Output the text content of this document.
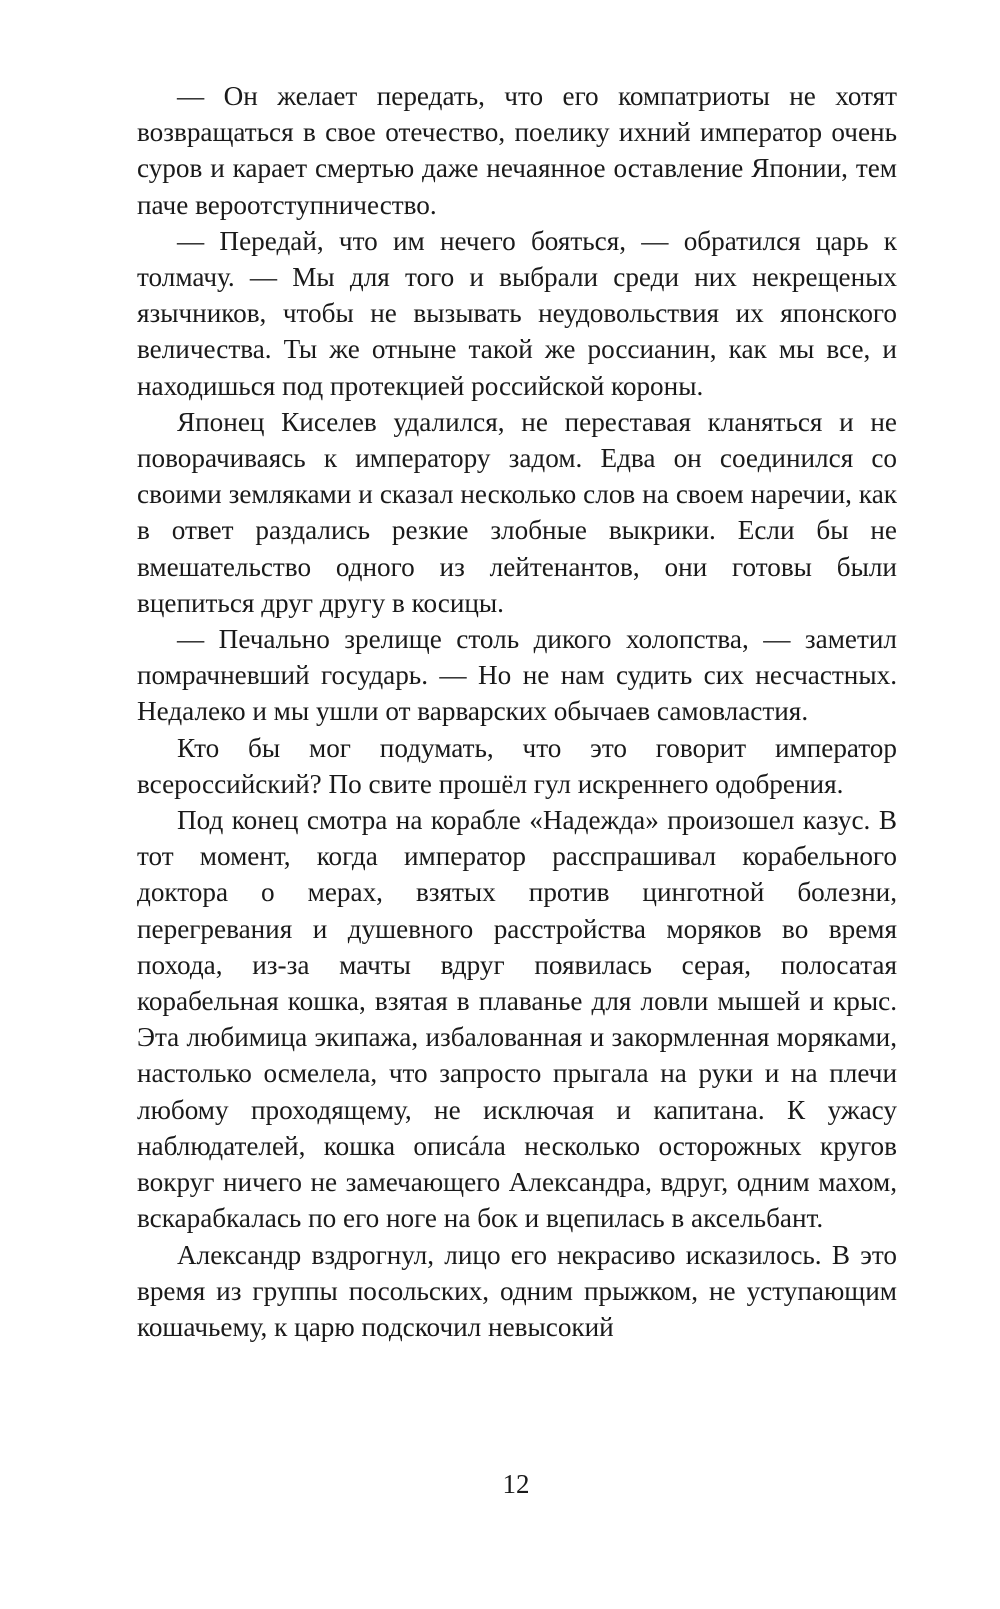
— Он желает передать, что его компатриоты не хотят возвращаться в свое отечество, поелику ихний император очень суров и карает смертью даже нечаянное оставление Японии, тем паче вероотступничество.

— Передай, что им нечего бояться, — обратился царь к толмачу. — Мы для того и выбрали среди них некрещеных язычников, чтобы не вызывать неудовольствия их японского величества. Ты же отныне такой же россианин, как мы все, и находишься под протекцией российской короны.

Японец Киселев удалился, не переставая кланяться и не поворачиваясь к императору задом. Едва он соединился со своими земляками и сказал несколько слов на своем наречии, как в ответ раздались резкие злобные выкрики. Если бы не вмешательство одного из лейтенантов, они готовы были вцепиться друг другу в косицы.

— Печально зрелище столь дикого холопства, — заметил помрачневший государь. — Но не нам судить сих несчастных. Недалеко и мы ушли от варварских обычаев самовластия.

Кто бы мог подумать, что это говорит император всероссийский? По свите прошёл гул искреннего одобрения.

Под конец смотра на корабле «Надежда» произошел казус. В тот момент, когда император расспрашивал корабельного доктора о мерах, взятых против цинготной болезни, перегревания и душевного расстройства моряков во время похода, из-за мачты вдруг появилась серая, полосатая корабельная кошка, взятая в плаванье для ловли мышей и крыс. Эта любимица экипажа, избалованная и закормленная моряками, настолько осмелела, что запросто прыгала на руки и на плечи любому проходящему, не исключая и капитана. К ужасу наблюдателей, кошка описáла несколько осторожных кругов вокруг ничего не замечающего Александра, вдруг, одним махом, вскарабкалась по его ноге на бок и вцепилась в аксельбант.

Александр вздрогнул, лицо его некрасиво исказилось. В это время из группы посольских, одним прыжком, не уступающим кошачьему, к царю подскочил невысокий

12
